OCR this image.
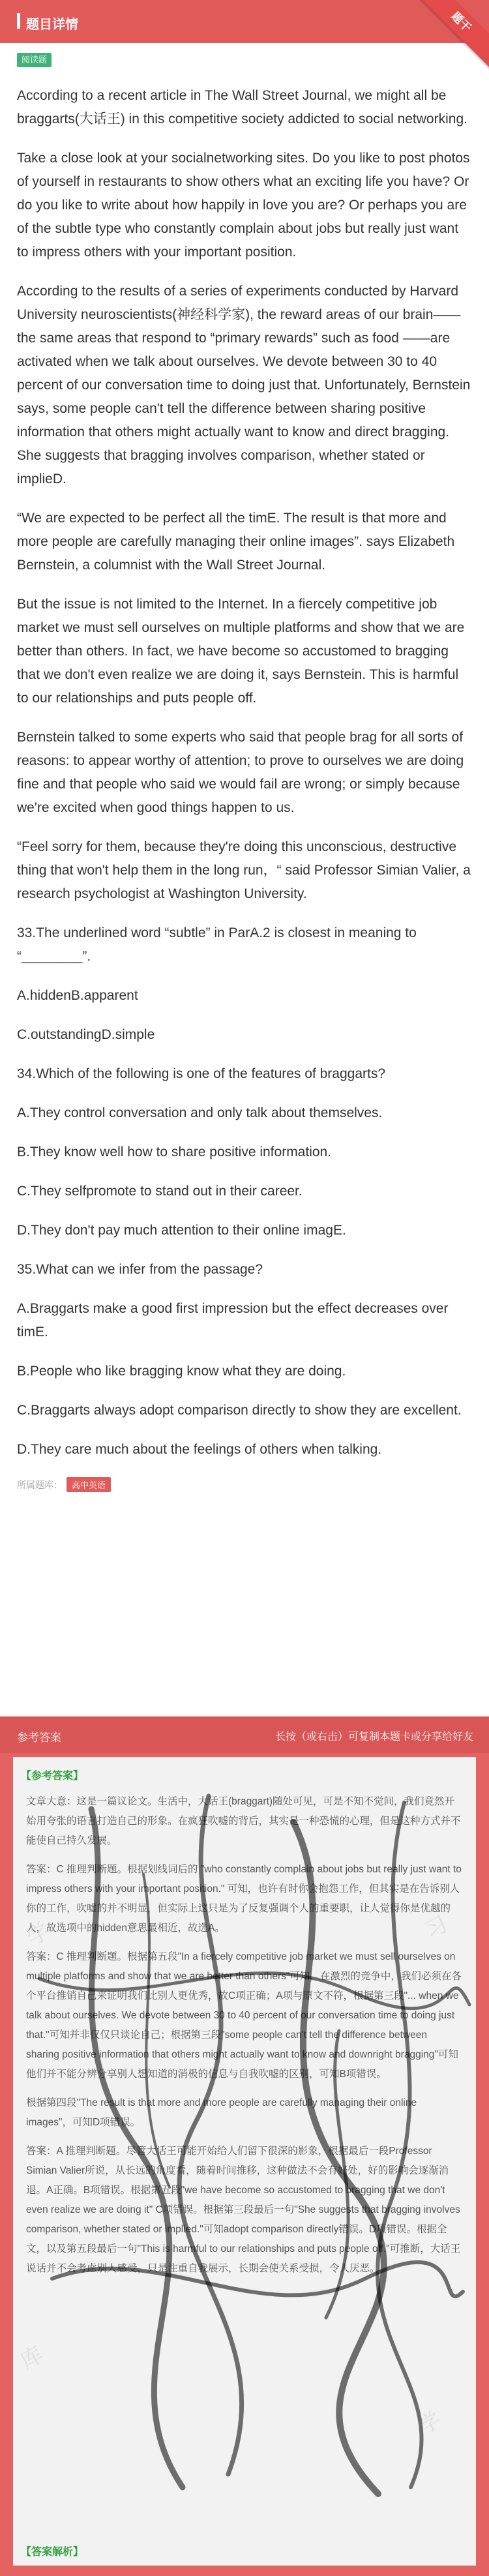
题目详情	题干
阅读题

According to a recent article in The Wall Street Journal, we might all be braggarts(大话王) in this competitive society addicted to social networking.

Take a close look at your socialnetworking sites. Do you like to post photos of yourself in restaurants to show others what an exciting life you have? Or do you like to write about how happily in love you are? Or perhaps you are of the subtle type who constantly complain about jobs but really just want to impress others with your important position.

According to the results of a series of experiments conducted by Harvard University neuroscientists(神经科学家), the reward areas of our brain——the same areas that respond to “primary rewards” such as food ——are activated when we talk about ourselves. We devote between 30 to 40 percent of our conversation time to doing just that. Unfortunately, Bernstein says, some people can't tell the difference between sharing positive information that others might actually want to know and direct bragging. She suggests that bragging involves comparison, whether stated or implieD.

“We are expected to be perfect all the timE. The result is that more and more people are carefully managing their online images”. says Elizabeth Bernstein, a columnist with the Wall Street Journal.

But the issue is not limited to the Internet. In a fiercely competitive job market we must sell ourselves on multiple platforms and show that we are better than others. In fact, we have become so accustomed to bragging that we don't even realize we are doing it, says Bernstein. This is harmful to our relationships and puts people off.

Bernstein talked to some experts who said that people brag for all sorts of reasons: to appear worthy of attention; to prove to ourselves we are doing fine and that people who said we would fail are wrong; or simply because we're excited when good things happen to us.

“Feel sorry for them, because they're doing this unconscious, destructive thing that won't help them in the long run，“ said Professor Simian Valier, a research psychologist at Washington University.

33.The underlined word “subtle” in ParA.2 is closest in meaning to “________”.

A.hiddenB.apparent

C.outstandingD.simple

34.Which of the following is one of the features of braggarts?

A.They control conversation and only talk about themselves.

B.They know well how to share positive information.

C.They selfpromote to stand out in their career.

D.They don't pay much attention to their online imagE.

35.What can we infer from the passage?

A.Braggarts make a good first impression but the effect decreases over timE.

B.People who like bragging know what they are doing.

C.Braggarts always adopt comparison directly to show they are excellent.

D.They care much about the feelings of others when talking.

所属题库： 高中英语
参考答案	长按（或右击）可复制本题卡或分享给好友
【参考答案】

文章大意：这是一篇议论文。生活中，大话王(braggart)随处可见，可是不知不觉间，我们竟然开始用夸张的语言打造自己的形象。在疯狂吹嘘的背后，其实是一种恐慌的心理，但是这种方式并不能使自己持久发展。

答案：C 推理判断题。根据划线词后的 "who constantly complain about jobs but really just want to impress others with your important position." 可知，也许有时你会抱怨工作，但其实是在告诉别人你的工作，吹嘘的并不明显，但实际上这只是为了反复强调个人的重要职，让人觉得你是优越的人，故选项中的hidden意思最相近，故选A。

答案：C 推理判断题。根据第五段"In a fiercely competitive job market we must sell ourselves on multiple platforms and show that we are better than others"可知，在激烈的竞争中，我们必须在各个平台推销自己来证明我们比别人更优秀，故C项正确；A项与原文不符，根据第三段"... when we talk about ourselves. We devote between 30 to 40 percent of our conversation time to doing just that."可知并非仅仅只谈论自己；根据第三段"some people can't tell the difference between sharing positive information that others might actually want to know and downright bragging"可知他们并不能分辨分享别人想知道的消极的信息与自我吹嘘的区别，可知B项错误。

根据第四段"The result is that more and more people are carefully managing their online images"，可知D项错误。

答案：A 推理判断题。尽管大话王可能开始给人们留下很深的影象，根据最后一段Professor Simian Valier所说，从长远的角度看，随着时间推移，这种做法不会有好处，好的影响会逐渐消退。A正确。B项错误。根据第五段"we have become so accustomed to bragging that we don't even realize we are doing it" C项错误。根据第三段最后一句"She suggests that bragging involves comparison, whether stated or implied."可知adopt comparison directly错误。D项错误。根据全文，以及第五段最后一句"This is harmful to our relationships and puts people off."可推断，大话王说话并不会考虑别人感受，只是注重自我展示，长期会使关系受损，令人厌恶。

学	习
库
学
【答案解析】
